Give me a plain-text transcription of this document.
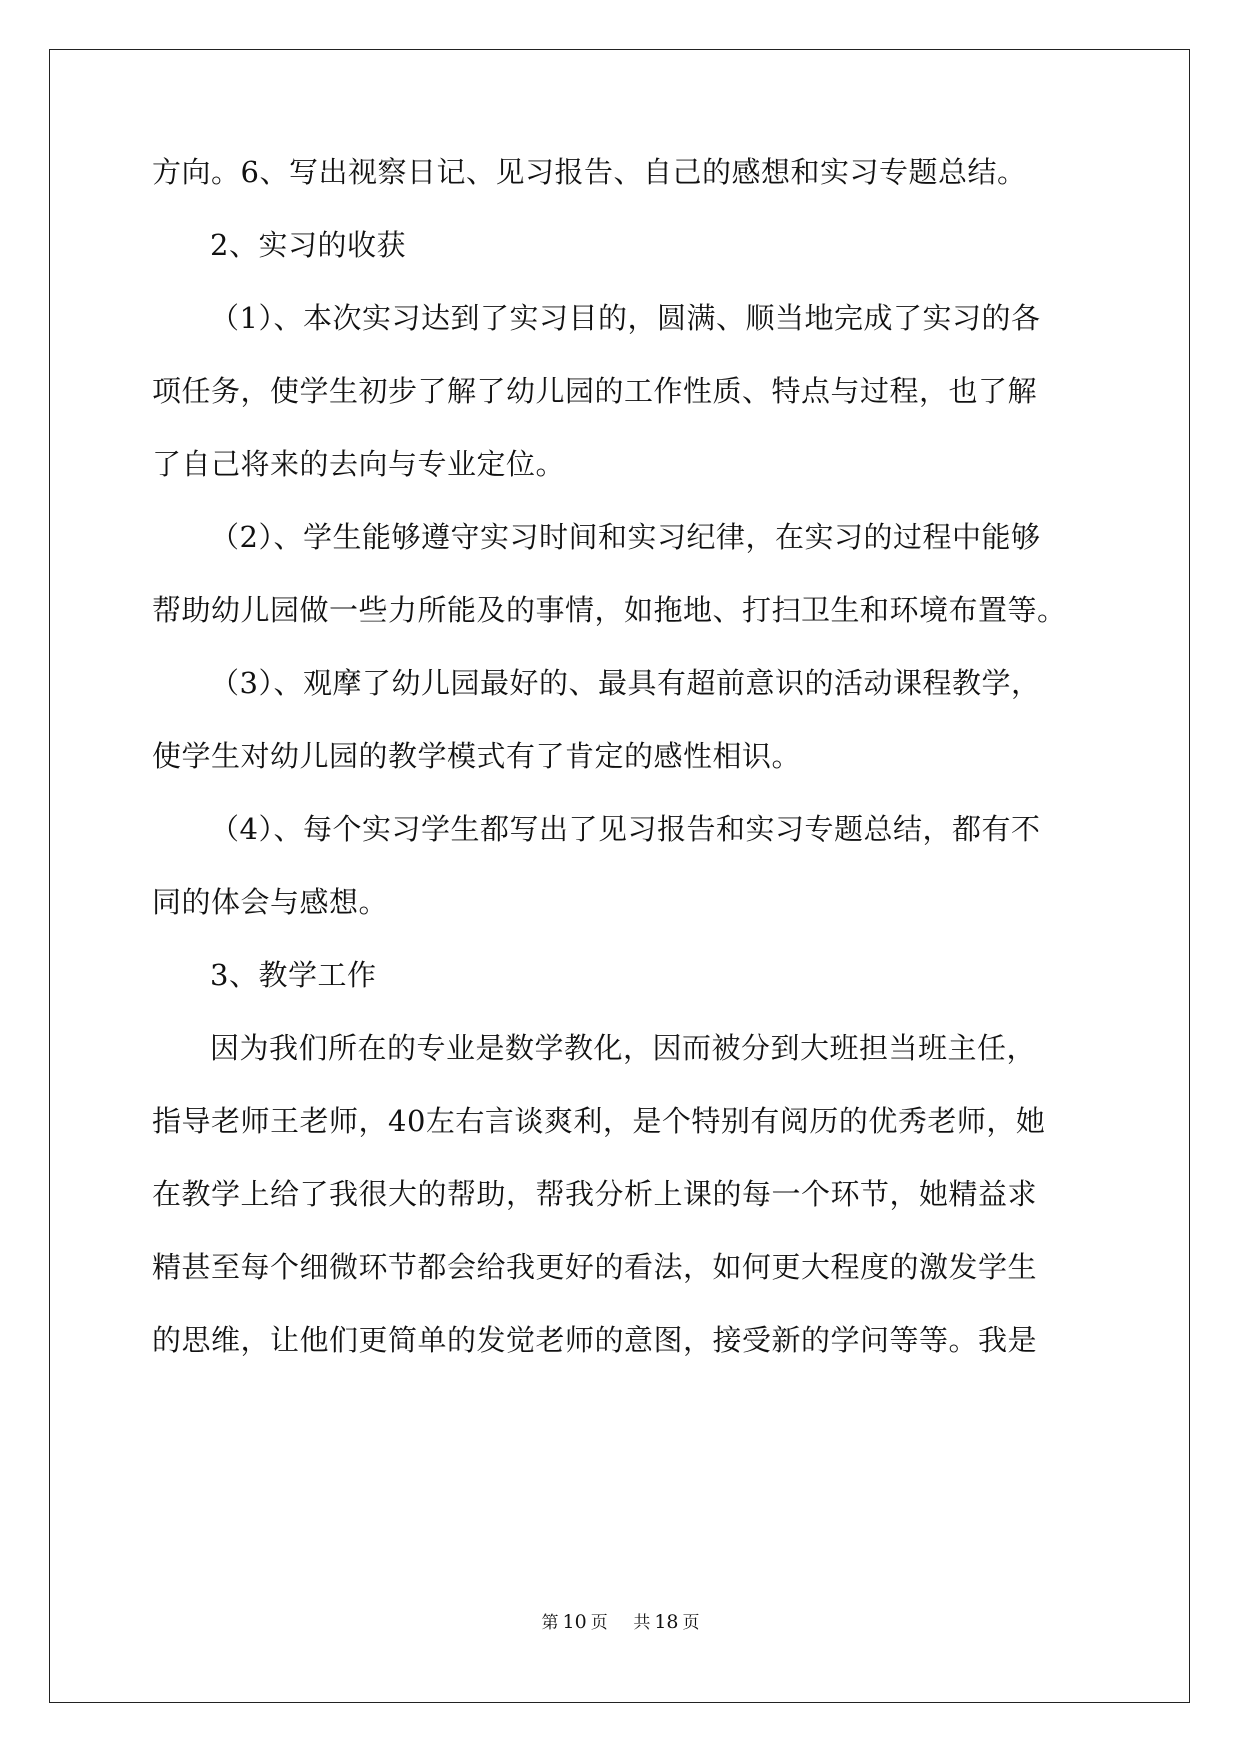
方向。6、写出视察日记、见习报告、自己的感想和实习专题总结。
2、实习的收获
（1）、本次实习达到了实习目的，圆满、顺当地完成了实习的各
项任务，使学生初步了解了幼儿园的工作性质、特点与过程，也了解
了自己将来的去向与专业定位。
（2）、学生能够遵守实习时间和实习纪律，在实习的过程中能够
帮助幼儿园做一些力所能及的事情，如拖地、打扫卫生和环境布置等。
（3）、观摩了幼儿园最好的、最具有超前意识的活动课程教学，
使学生对幼儿园的教学模式有了肯定的感性相识。
（4）、每个实习学生都写出了见习报告和实习专题总结，都有不
同的体会与感想。
3、教学工作
因为我们所在的专业是数学教化，因而被分到大班担当班主任，
指导老师王老师，40左右言谈爽利，是个特别有阅历的优秀老师，她
在教学上给了我很大的帮助，帮我分析上课的每一个环节，她精益求
精甚至每个细微环节都会给我更好的看法，如何更大程度的激发学生
的思维，让他们更简单的发觉老师的意图，接受新的学问等等。我是
第 10 页 共 18 页
